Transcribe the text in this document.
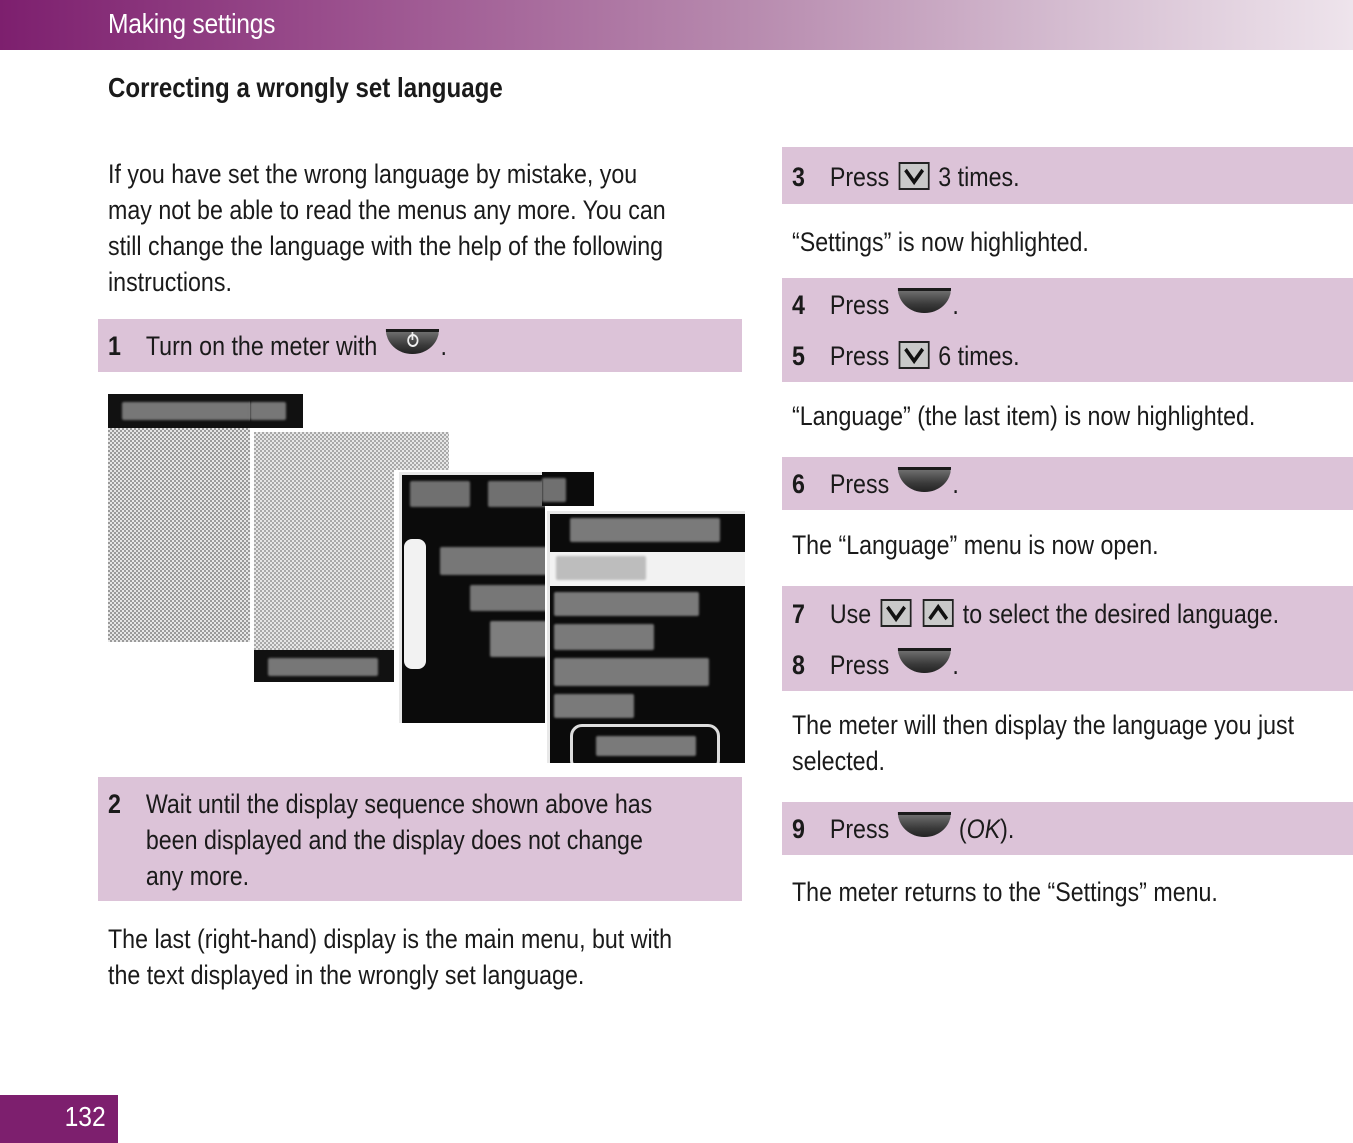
Making settings
Correcting a wrongly set language
If you have set the wrong language by mistake, you
may not be able to read the menus any more. You can
still change the language with the help of the following
instructions.
1 Turn on the meter with .
2 Wait until the display sequence shown above has
been displayed and the display does not change
any more.
The last (right-hand) display is the main menu, but with
the text displayed in the wrongly set language.
3 Press 3 times.
“Settings” is now highlighted.
4 Press .
5 Press 6 times.
“Language” (the last item) is now highlighted.
6 Press .
The “Language” menu is now open.
7 Use
	to select the desired language.
8 Press .
The meter will then display the language you just
selected.
9 Press	(OK).
The meter returns to the “Settings” menu.
132
